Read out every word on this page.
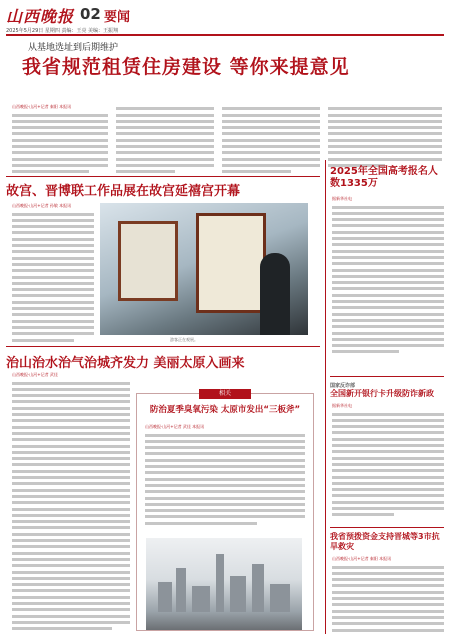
山西晚报 02 要闻
2025年5月29日 星期四 责编：王亮 美编：王振翔
从基地选址到后期维护
我省规范租赁住房建设 等你来提意见
山西晚报·山河+记者 秦阳 本报讯
故宫、晋博联工作品展在故宫延禧宫开幕
山西晚报·山河+记者 孙敏 本报讯
游客正在观展。
2025年全国高考报名人数1335万
据新华社电
治山治水治气治城齐发力 美丽太原入画来
山西晚报·山河+记者 武佳
相关
防治夏季臭氧污染 太原市发出“三板斧”
山西晚报·山河+记者 武佳 本报讯
国家反诈部
全国新开银行卡升级防诈新政
据新华社电
我省预拨资金支持晋城等3市抗旱救灾
山西晚报·山河+记者 秦阳 本报讯
